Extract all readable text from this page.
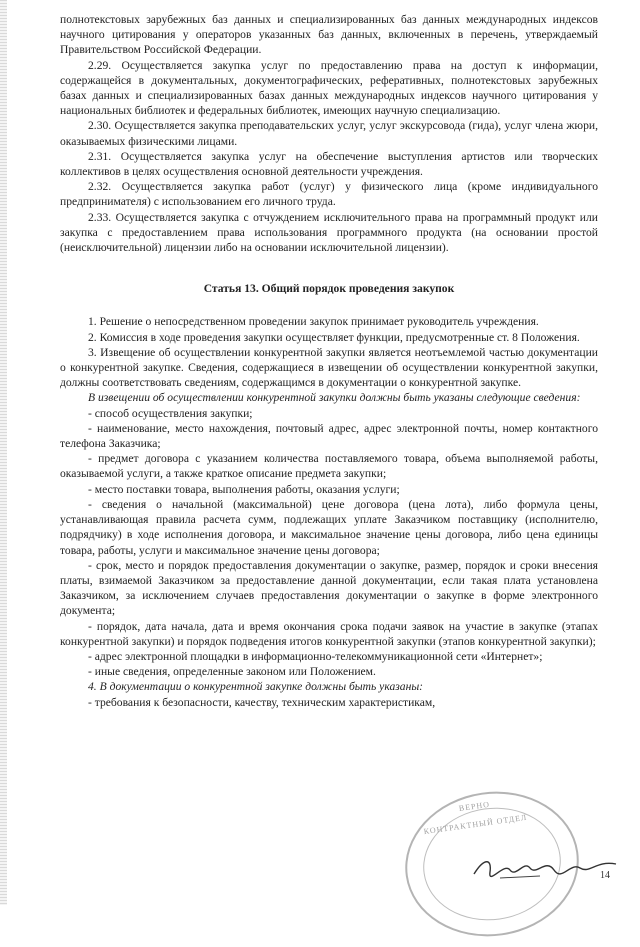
полнотекстовых зарубежных баз данных и специализированных баз данных международных индексов научного цитирования у операторов указанных баз данных, включенных в перечень, утверждаемый Правительством Российской Федерации.

2.29. Осуществляется закупка услуг по предоставлению права на доступ к информации, содержащейся в документальных, документографических, реферативных, полнотекстовых зарубежных базах данных и специализированных базах данных международных индексов научного цитирования у национальных библиотек и федеральных библиотек, имеющих научную специализацию.

2.30. Осуществляется закупка преподавательских услуг, услуг экскурсовода (гида), услуг члена жюри, оказываемых физическими лицами.

2.31. Осуществляется закупка услуг на обеспечение выступления артистов или творческих коллективов в целях осуществления основной деятельности учреждения.

2.32. Осуществляется закупка работ (услуг) у физического лица (кроме индивидуального предпринимателя) с использованием его личного труда.

2.33. Осуществляется закупка с отчуждением исключительного права на программный продукт или закупка с предоставлением права использования программного продукта (на основании простой (неисключительной) лицензии либо на основании исключительной лицензии).

Статья 13. Общий порядок проведения закупок

1. Решение о непосредственном проведении закупок принимает руководитель учреждения.

2. Комиссия в ходе проведения закупки осуществляет функции, предусмотренные ст. 8 Положения.

3. Извещение об осуществлении конкурентной закупки является неотъемлемой частью документации о конкурентной закупке. Сведения, содержащиеся в извещении об осуществлении конкурентной закупки, должны соответствовать сведениям, содержащимся в документации о конкурентной закупке.

В извещении об осуществлении конкурентной закупки должны быть указаны следующие сведения:

- способ осуществления закупки;

- наименование, место нахождения, почтовый адрес, адрес электронной почты, номер контактного телефона Заказчика;

- предмет договора с указанием количества поставляемого товара, объема выполняемой работы, оказываемой услуги, а также краткое описание предмета закупки;

- место поставки товара, выполнения работы, оказания услуги;

- сведения о начальной (максимальной) цене договора (цена лота), либо формула цены, устанавливающая правила расчета сумм, подлежащих уплате Заказчиком поставщику (исполнителю, подрядчику) в ходе исполнения договора, и максимальное значение цены договора, либо цена единицы товара, работы, услуги и максимальное значение цены договора;

- срок, место и порядок предоставления документации о закупке, размер, порядок и сроки внесения платы, взимаемой Заказчиком за предоставление данной документации, если такая плата установлена Заказчиком, за исключением случаев предоставления документации о закупке в форме электронного документа;

- порядок, дата начала, дата и время окончания срока подачи заявок на участие в закупке (этапах конкурентной закупки) и порядок подведения итогов конкурентной закупки (этапов конкурентной закупки);

- адрес электронной площадки в информационно-телекоммуникационной сети «Интернет»;

- иные сведения, определенные законом или Положением.

4. В документации о конкурентной закупке должны быть указаны:

- требования к безопасности, качеству, техническим характеристикам,

ВЕРНО
КОНТРАКТНЫЙ ОТДЕЛ
14
